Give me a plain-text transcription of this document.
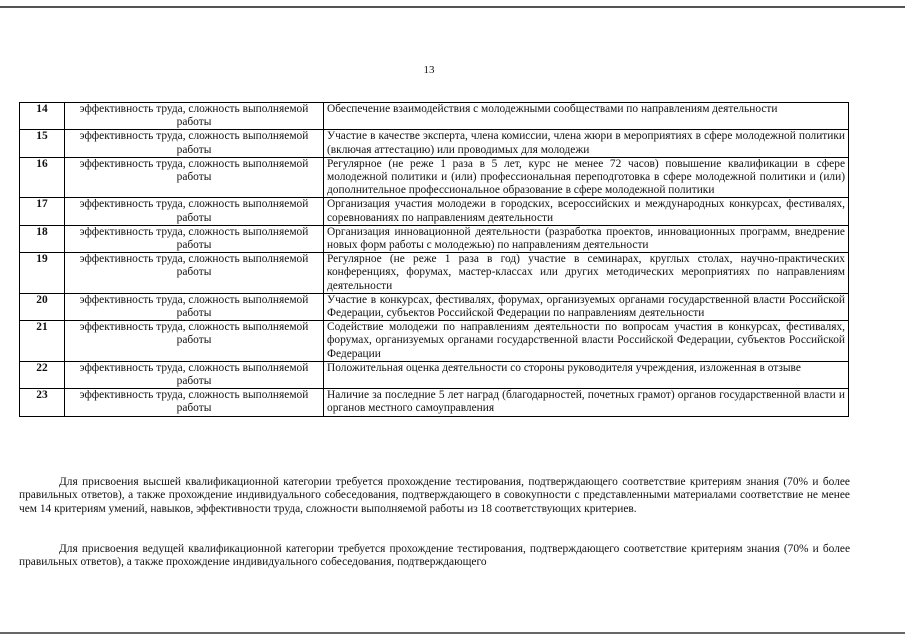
13
14	эффективность труда, сложность выполняемой работы	Обеспечение взаимодействия с молодежными сообществами по направлениям деятельности
15	эффективность труда, сложность выполняемой работы	Участие в качестве эксперта, члена комиссии, члена жюри в мероприятиях в сфере молодежной политики (включая аттестацию) или проводимых для молодежи
16	эффективность труда, сложность выполняемой работы	Регулярное (не реже 1 раза в 5 лет, курс не менее 72 часов) повышение квалификации в сфере молодежной политики и (или) профессиональная переподготовка в сфере молодежной политики и (или) дополнительное профессиональное образование в сфере молодежной политики
17	эффективность труда, сложность выполняемой работы	Организация участия молодежи в городских, всероссийских и международных конкурсах, фестивалях, соревнованиях по направлениям деятельности
18	эффективность труда, сложность выполняемой работы	Организация инновационной деятельности (разработка проектов, инновационных программ, внедрение новых форм работы с молодежью) по направлениям деятельности
19	эффективность труда, сложность выполняемой работы	Регулярное (не реже 1 раза в год) участие в семинарах, круглых столах, научно-практических конференциях, форумах, мастер-классах или других методических мероприятиях по направлениям деятельности
20	эффективность труда, сложность выполняемой работы	Участие в конкурсах, фестивалях, форумах, организуемых органами государственной власти Российской Федерации, субъектов Российской Федерации по направлениям деятельности
21	эффективность труда, сложность выполняемой работы	Содействие молодежи по направлениям деятельности по вопросам участия в конкурсах, фестивалях, форумах, организуемых органами государственной власти Российской Федерации, субъектов Российской Федерации
22	эффективность труда, сложность выполняемой работы	Положительная оценка деятельности со стороны руководителя учреждения, изложенная в отзыве
23	эффективность труда, сложность выполняемой работы	Наличие за последние 5 лет наград (благодарностей, почетных грамот) органов государственной власти и органов местного самоуправления

Для присвоения высшей квалификационной категории требуется прохождение тестирования, подтверждающего соответствие критериям знания (70% и более правильных ответов), а также прохождение индивидуального собеседования, подтверждающего в совокупности с представленными материалами соответствие не менее чем 14 критериям умений, навыков, эффективности труда, сложности выполняемой работы из 18 соответствующих критериев.

Для присвоения ведущей квалификационной категории требуется прохождение тестирования, подтверждающего соответствие критериям знания (70% и более правильных ответов), а также прохождение индивидуального собеседования, подтверждающего
